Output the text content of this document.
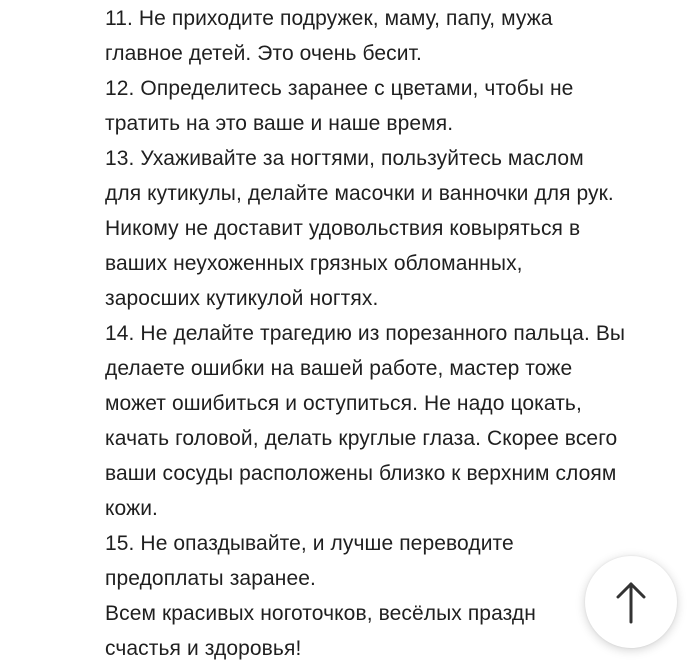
11. Не приходите подружек, маму, папу, мужа
главное детей. Это очень бесит.
12. Определитесь заранее с цветами, чтобы не
тратить на это ваше и наше время.
13. Ухаживайте за ногтями, пользуйтесь маслом
для кутикулы, делайте масочки и ванночки для рук.
Никому не доставит удовольствия ковыряться в
ваших неухоженных грязных обломанных,
заросших кутикулой ногтях.
14. Не делайте трагедию из порезанного пальца. Вы
делаете ошибки на вашей работе, мастер тоже
может ошибиться и оступиться. Не надо цокать,
качать головой, делать круглые глаза. Скорее всего
ваши сосуды расположены близко к верхним слоям
кожи.
15. Не опаздывайте, и лучше переводите
предоплаты заранее.
Всем красивых ноготочков, весёлых праздн
счастья и здоровья!
